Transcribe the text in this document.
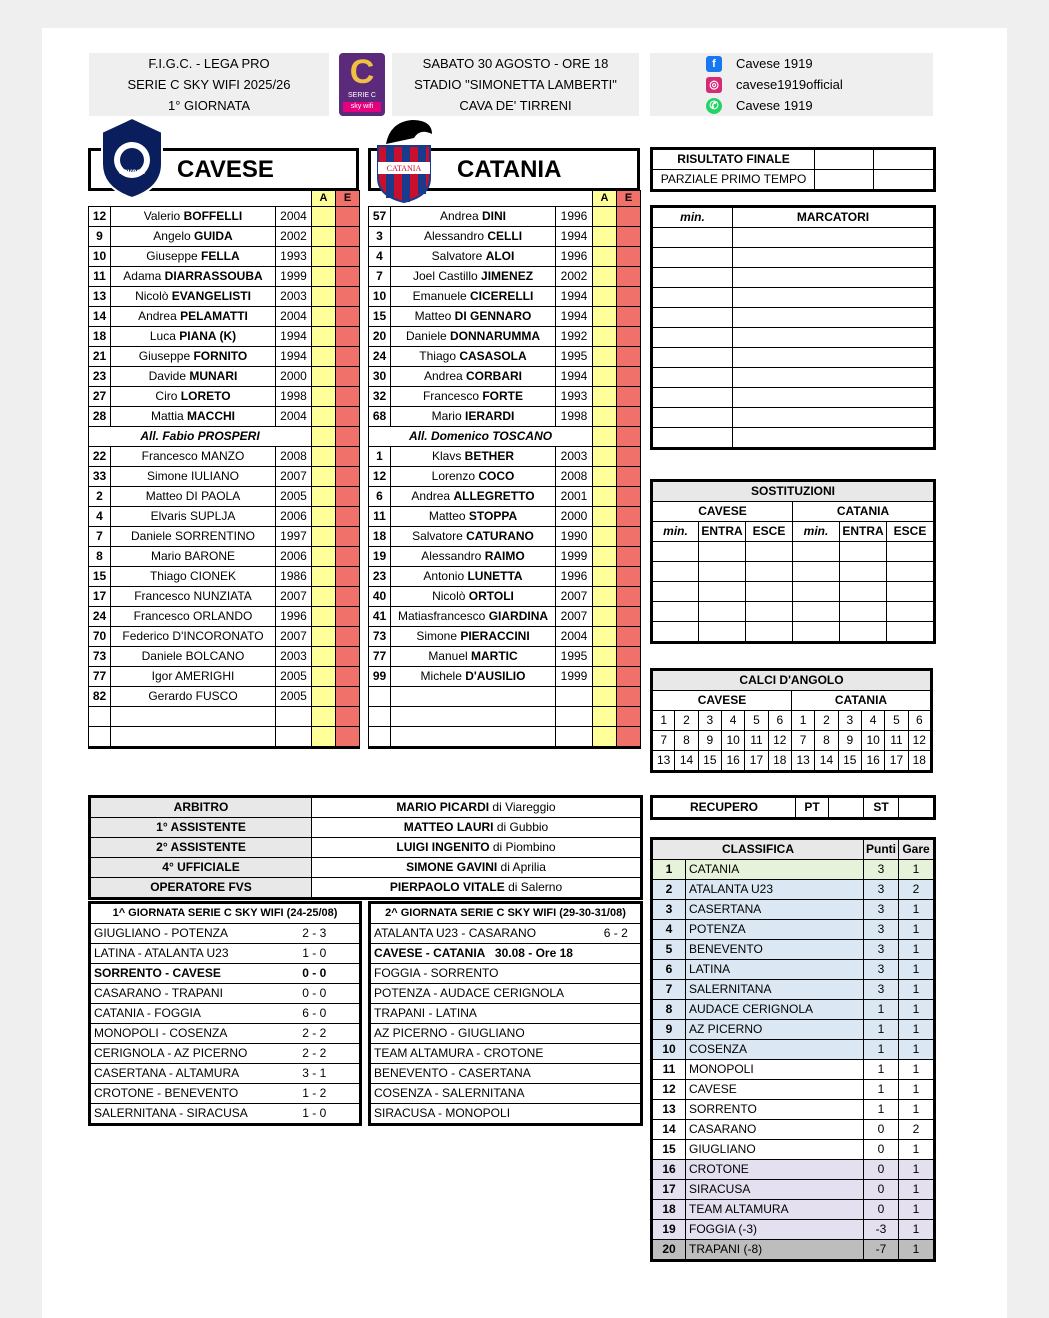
F.I.G.C. - LEGA PRO
SERIE C SKY WIFI 2025/26
1° GIORNATA
C
SERIE C
sky wifi
SABATO 30 AGOSTO - ORE 18
STADIO "SIMONETTA LAMBERTI"
CAVA DE' TIRRENI
f	Cavese 1919
◎ cavese1919official
✆ Cavese 1919
CAVESE
cavese	CATANIA
CATANIA
			A	E
12	Valerio BOFFELLI	2004		
9	Angelo GUIDA	2002		
10	Giuseppe FELLA	1993		
11	Adama DIARRASSOUBA	1999		
13	Nicolò EVANGELISTI	2003		
14	Andrea PELAMATTI	2004		
18	Luca PIANA (K)	1994		
21	Giuseppe FORNITO	1994		
23	Davide MUNARI	2000		
27	Ciro LORETO	1998		
28	Mattia MACCHI	2004		
All. Fabio PROSPERI				
22	Francesco MANZO	2008		
33	Simone IULIANO	2007		
2	Matteo DI PAOLA	2005		
4	Elvaris SUPLJA	2006		
7	Daniele SORRENTINO	1997		
8	Mario BARONE	2006		
15	Thiago CIONEK	1986		
17	Francesco NUNZIATA	2007		
24	Francesco ORLANDO	1996		
70	Federico D'INCORONATO	2007		
73	Daniele BOLCANO	2003		
77	Igor AMERIGHI	2005		
82	Gerardo FUSCO	2005		

			A	E
57	Andrea DINI	1996		
3	Alessandro CELLI	1994		
4	Salvatore ALOI	1996		
7	Joel Castillo JIMENEZ	2002		
10	Emanuele CICERELLI	1994		
15	Matteo DI GENNARO	1994		
20	Daniele DONNARUMMA	1992		
24	Thiago CASASOLA	1995		
30	Andrea CORBARI	1994		
32	Francesco FORTE	1993		
68	Mario IERARDI	1998		
All. Domenico TOSCANO				
1	Klavs BETHER	2003		
12	Lorenzo COCO	2008		
6	Andrea ALLEGRETTO	2001		
11	Matteo STOPPA	2000		
18	Salvatore CATURANO	1990		
19	Alessandro RAIMO	1999		
23	Antonio LUNETTA	1996		
40	Nicolò ORTOLI	2007		
41	Matiasfrancesco GIARDINA	2007		
73	Simone PIERACCINI	2004		
77	Manuel MARTIC	1995		
99	Michele D'AUSILIO	1999		

RISULTATO FINALE		
PARZIALE PRIMO TEMPO		
min.	MARCATORI

SOSTITUZIONI					
CAVESE			CATANIA		
min.	ENTRA	ESCE	min.	ENTRA	ESCE

CALCI D'ANGOLO											
CAVESE						CATANIA					
1	2	3	4	5	6	1	2	3	4	5	6
7	8	9	10	11	12	7	8	9	10	11	12
13	14	15	16	17	18	13	14	15	16	17	18
ARBITRO	MARIO PICARDI di Viareggio
1° ASSISTENTE	MATTEO LAURI di Gubbio
2° ASSISTENTE	LUIGI INGENITO di Piombino
4° UFFICIALE	SIMONE GAVINI di Aprilia
OPERATORE FVS	PIERPAOLO VITALE di Salerno
RECUPERO	PT		ST	
1^ GIORNATA SERIE C SKY WIFI (24-25/08)	
GIUGLIANO - POTENZA	2 - 3
LATINA - ATALANTA U23	1 - 0
SORRENTO - CAVESE	0 - 0
CASARANO - TRAPANI	0 - 0
CATANIA - FOGGIA	6 - 0
MONOPOLI - COSENZA	2 - 2
CERIGNOLA - AZ PICERNO	2 - 2
CASERTANA - ALTAMURA	3 - 1
CROTONE - BENEVENTO	1 - 2
SALERNITANA - SIRACUSA	1 - 0
2^ GIORNATA SERIE C SKY WIFI (29-30-31/08)	
ATALANTA U23 - CASARANO	6 - 2
CAVESE - CATANIA   30.08 - Ore 18	
FOGGIA - SORRENTO	
POTENZA - AUDACE CERIGNOLA	
TRAPANI - LATINA	
AZ PICERNO - GIUGLIANO	
TEAM ALTAMURA - CROTONE	
BENEVENTO - CASERTANA	
COSENZA - SALERNITANA	
SIRACUSA - MONOPOLI	
CLASSIFICA		Punti	Gare
1	CATANIA	3	1
2	ATALANTA U23	3	2
3	CASERTANA	3	1
4	POTENZA	3	1
5	BENEVENTO	3	1
6	LATINA	3	1
7	SALERNITANA	3	1
8	AUDACE CERIGNOLA	1	1
9	AZ PICERNO	1	1
10	COSENZA	1	1
11	MONOPOLI	1	1
12	CAVESE	1	1
13	SORRENTO	1	1
14	CASARANO	0	2
15	GIUGLIANO	0	1
16	CROTONE	0	1
17	SIRACUSA	0	1
18	TEAM ALTAMURA	0	1
19	FOGGIA (-3)	-3	1
20	TRAPANI (-8)	-7	1
